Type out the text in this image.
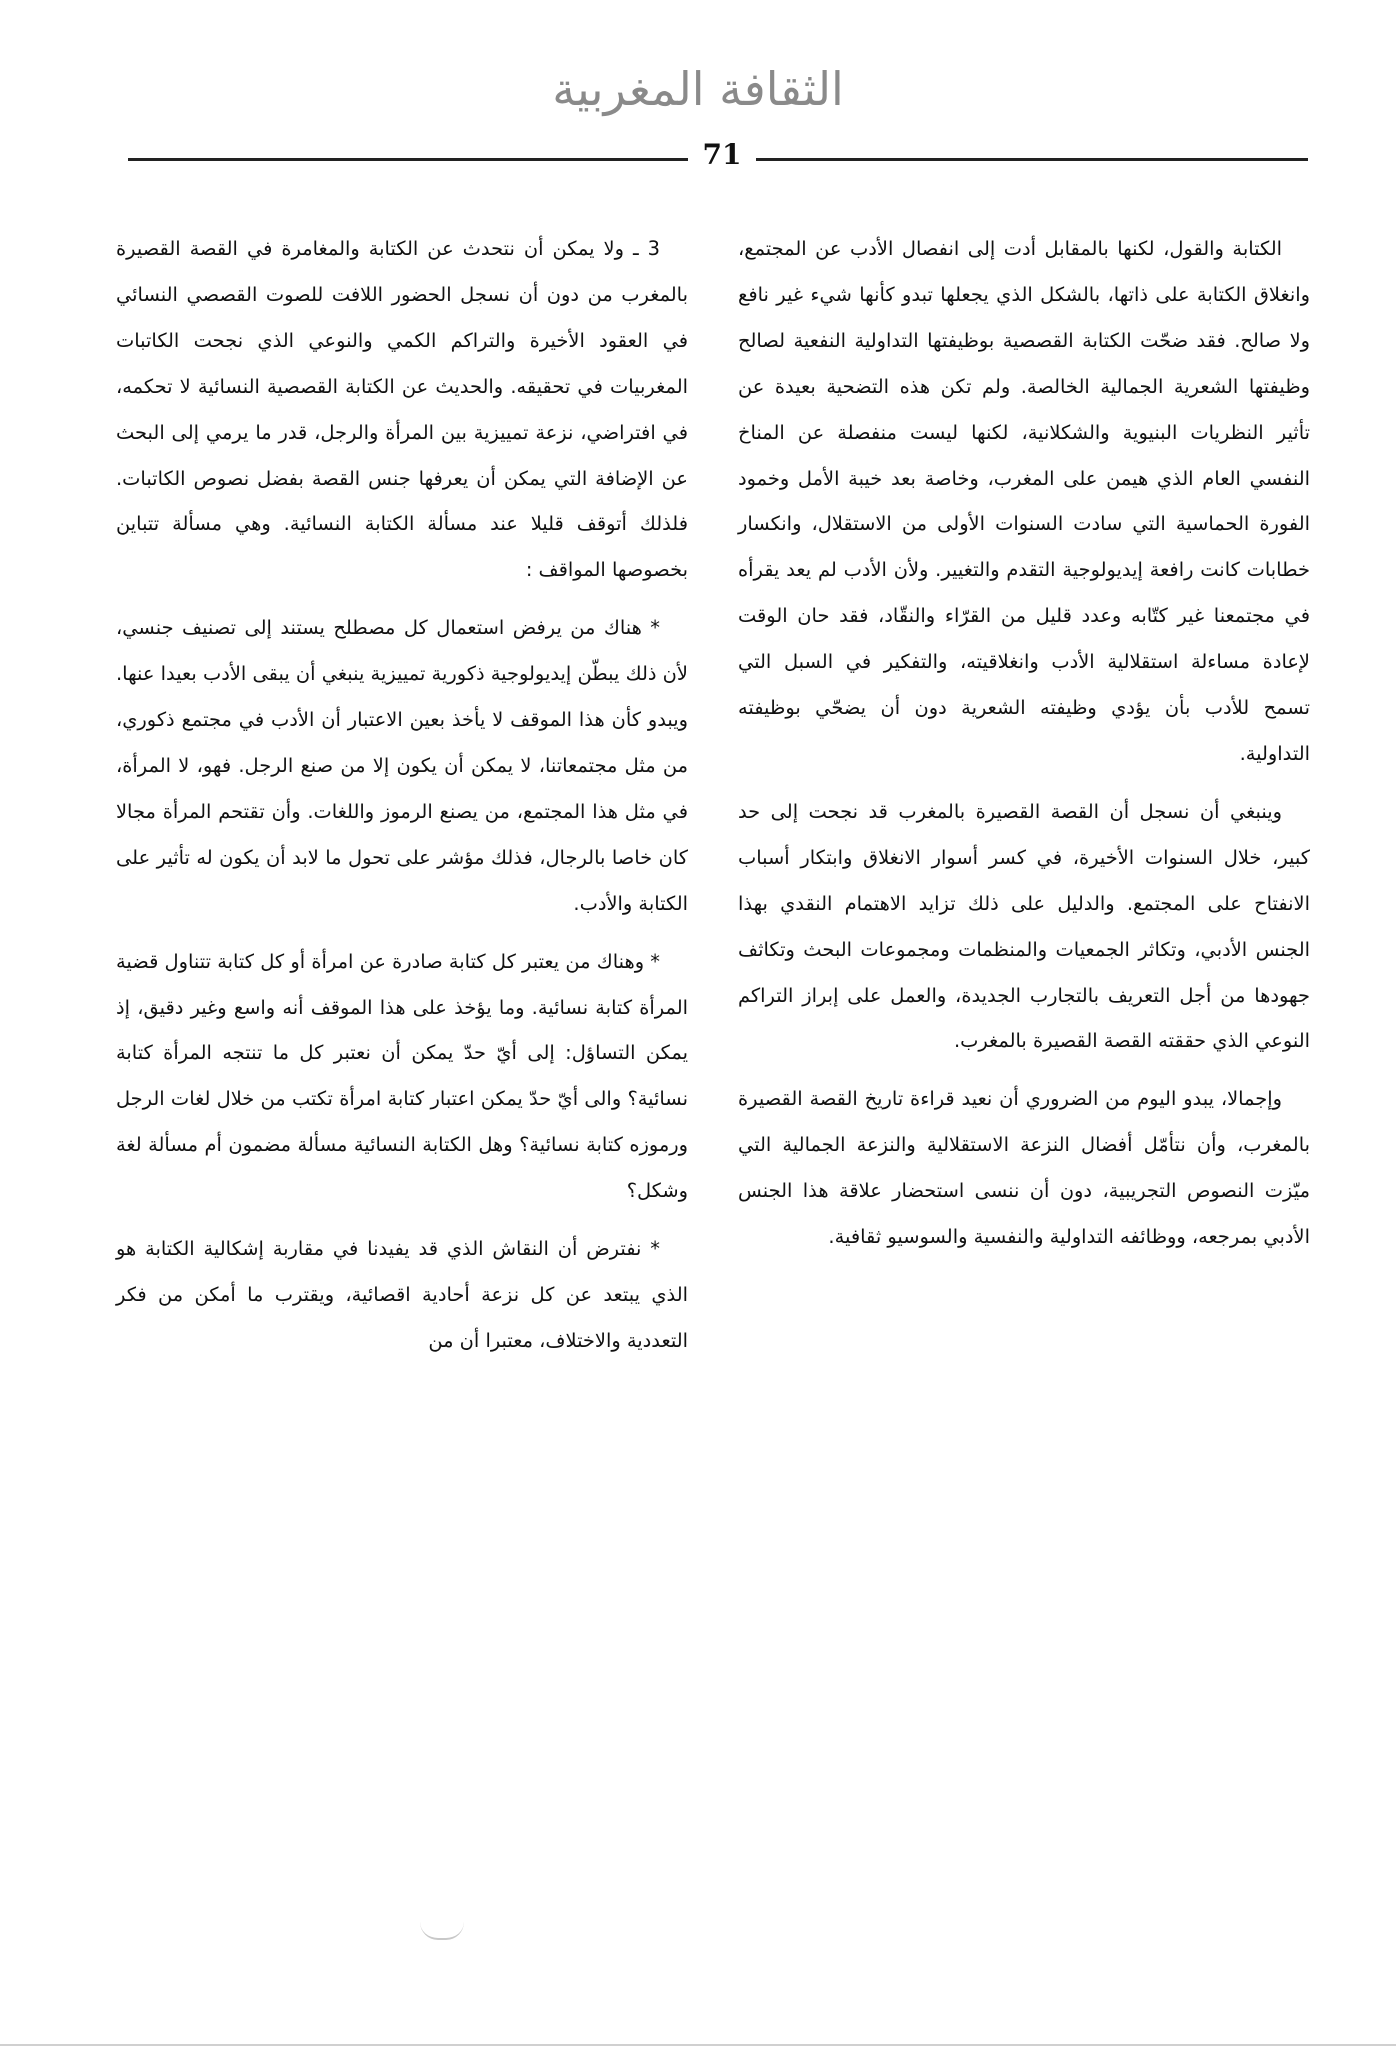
الثقافة المغربية
71

الكتابة والقول، لكنها بالمقابل أدت إلى انفصال الأدب عن المجتمع، وانغلاق الكتابة على ذاتها، بالشكل الذي يجعلها تبدو كأنها شيء غير نافع ولا صالح. فقد ضحّت الكتابة القصصية بوظيفتها التداولية النفعية لصالح وظيفتها الشعرية الجمالية الخالصة. ولم تكن هذه التضحية بعيدة عن تأثير النظريات البنيوية والشكلانية، لكنها ليست منفصلة عن المناخ النفسي العام الذي هيمن على المغرب، وخاصة بعد خيبة الأمل وخمود الفورة الحماسية التي سادت السنوات الأولى من الاستقلال، وانكسار خطابات كانت رافعة إيديولوجية التقدم والتغيير. ولأن الأدب لم يعد يقرأه في مجتمعنا غير كتّابه وعدد قليل من القرّاء والنقّاد، فقد حان الوقت لإعادة مساءلة استقلالية الأدب وانغلاقيته، والتفكير في السبل التي تسمح للأدب بأن يؤدي وظيفته الشعرية دون أن يضحّي بوظيفته التداولية.

وينبغي أن نسجل أن القصة القصيرة بالمغرب قد نجحت إلى حد كبير، خلال السنوات الأخيرة، في كسر أسوار الانغلاق وابتكار أسباب الانفتاح على المجتمع. والدليل على ذلك تزايد الاهتمام النقدي بهذا الجنس الأدبي، وتكاثر الجمعيات والمنظمات ومجموعات البحث وتكاثف جهودها من أجل التعريف بالتجارب الجديدة، والعمل على إبراز التراكم النوعي الذي حققته القصة القصيرة بالمغرب.

وإجمالا، يبدو اليوم من الضروري أن نعيد قراءة تاريخ القصة القصيرة بالمغرب، وأن نتأمّل أفضال النزعة الاستقلالية والنزعة الجمالية التي ميّزت النصوص التجريبية، دون أن ننسى استحضار علاقة هذا الجنس الأدبي بمرجعه، ووظائفه التداولية والنفسية والسوسيو ثقافية.

3 ـ ولا يمكن أن نتحدث عن الكتابة والمغامرة في القصة القصيرة بالمغرب من دون أن نسجل الحضور اللافت للصوت القصصي النسائي في العقود الأخيرة والتراكم الكمي والنوعي الذي نجحت الكاتبات المغربيات في تحقيقه. والحديث عن الكتابة القصصية النسائية لا تحكمه، في افتراضي، نزعة تمييزية بين المرأة والرجل، قدر ما يرمي إلى البحث عن الإضافة التي يمكن أن يعرفها جنس القصة بفضل نصوص الكاتبات. فلذلك أتوقف قليلا عند مسألة الكتابة النسائية. وهي مسألة تتباين بخصوصها المواقف :

* هناك من يرفض استعمال كل مصطلح يستند إلى تصنيف جنسي، لأن ذلك يبطّن إيديولوجية ذكورية تمييزية ينبغي أن يبقى الأدب بعيدا عنها. ويبدو كأن هذا الموقف لا يأخذ بعين الاعتبار أن الأدب في مجتمع ذكوري، من مثل مجتمعاتنا، لا يمكن أن يكون إلا من صنع الرجل. فهو، لا المرأة، في مثل هذا المجتمع، من يصنع الرموز واللغات. وأن تقتحم المرأة مجالا كان خاصا بالرجال، فذلك مؤشر على تحول ما لابد أن يكون له تأثير على الكتابة والأدب.

* وهناك من يعتبر كل كتابة صادرة عن امرأة أو كل كتابة تتناول قضية المرأة كتابة نسائية. وما يؤخذ على هذا الموقف أنه واسع وغير دقيق، إذ يمكن التساؤل: إلى أيّ حدّ يمكن أن نعتبر كل ما تنتجه المرأة كتابة نسائية؟ والى أيّ حدّ يمكن اعتبار كتابة امرأة تكتب من خلال لغات الرجل ورموزه كتابة نسائية؟ وهل الكتابة النسائية مسألة مضمون أم مسألة لغة وشكل؟

* نفترض أن النقاش الذي قد يفيدنا في مقاربة إشكالية الكتابة هو الذي يبتعد عن كل نزعة أحادية اقصائية، ويقترب ما أمكن من فكر التعددية والاختلاف، معتبرا أن من
